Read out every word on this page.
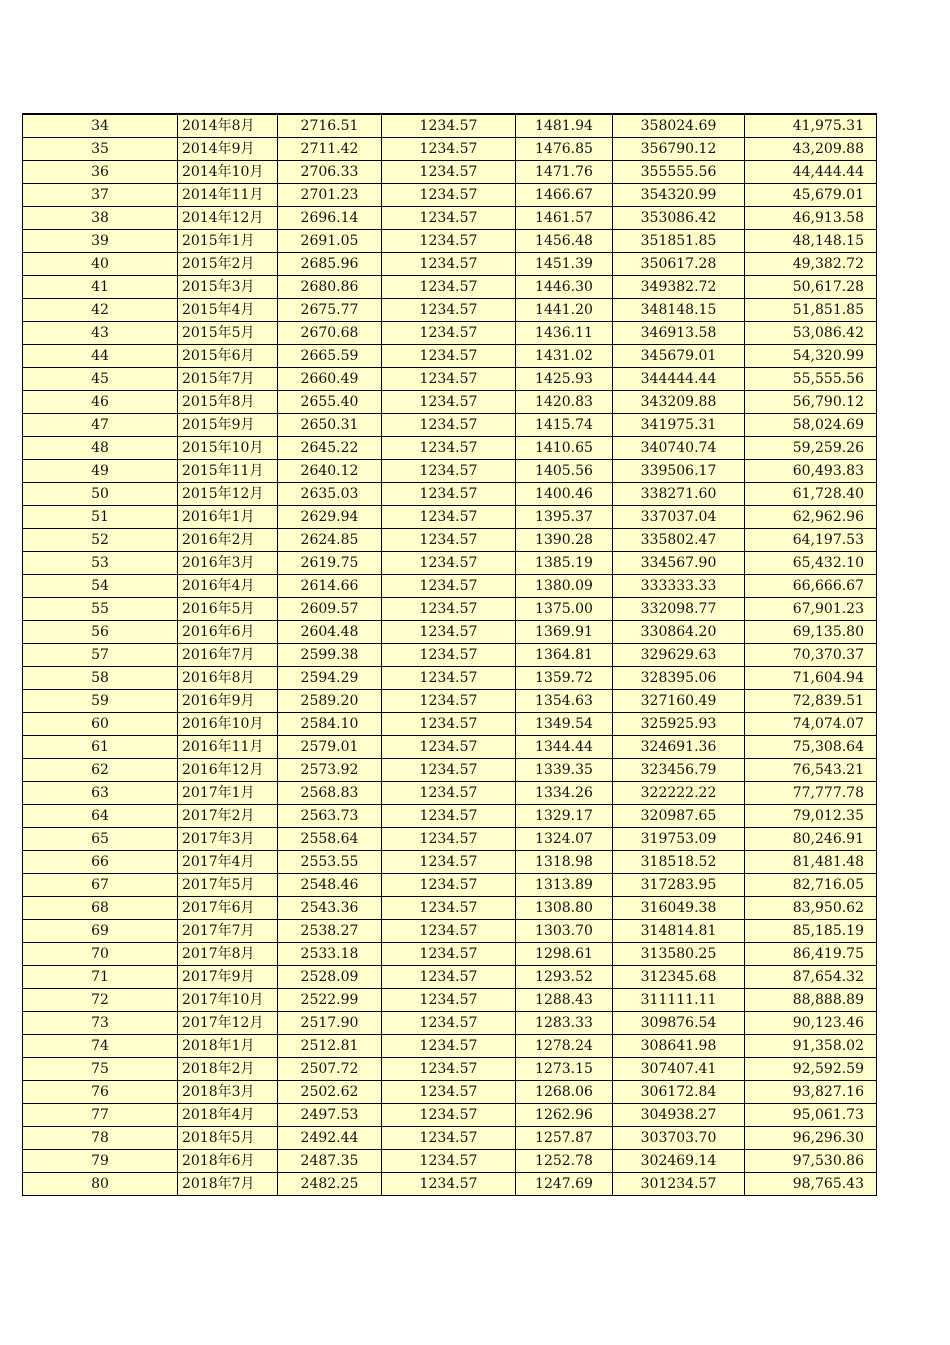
34	2014年8月	2716.51	1234.57	1481.94	358024.69	41,975.31
35	2014年9月	2711.42	1234.57	1476.85	356790.12	43,209.88
36	2014年10月	2706.33	1234.57	1471.76	355555.56	44,444.44
37	2014年11月	2701.23	1234.57	1466.67	354320.99	45,679.01
38	2014年12月	2696.14	1234.57	1461.57	353086.42	46,913.58
39	2015年1月	2691.05	1234.57	1456.48	351851.85	48,148.15
40	2015年2月	2685.96	1234.57	1451.39	350617.28	49,382.72
41	2015年3月	2680.86	1234.57	1446.30	349382.72	50,617.28
42	2015年4月	2675.77	1234.57	1441.20	348148.15	51,851.85
43	2015年5月	2670.68	1234.57	1436.11	346913.58	53,086.42
44	2015年6月	2665.59	1234.57	1431.02	345679.01	54,320.99
45	2015年7月	2660.49	1234.57	1425.93	344444.44	55,555.56
46	2015年8月	2655.40	1234.57	1420.83	343209.88	56,790.12
47	2015年9月	2650.31	1234.57	1415.74	341975.31	58,024.69
48	2015年10月	2645.22	1234.57	1410.65	340740.74	59,259.26
49	2015年11月	2640.12	1234.57	1405.56	339506.17	60,493.83
50	2015年12月	2635.03	1234.57	1400.46	338271.60	61,728.40
51	2016年1月	2629.94	1234.57	1395.37	337037.04	62,962.96
52	2016年2月	2624.85	1234.57	1390.28	335802.47	64,197.53
53	2016年3月	2619.75	1234.57	1385.19	334567.90	65,432.10
54	2016年4月	2614.66	1234.57	1380.09	333333.33	66,666.67
55	2016年5月	2609.57	1234.57	1375.00	332098.77	67,901.23
56	2016年6月	2604.48	1234.57	1369.91	330864.20	69,135.80
57	2016年7月	2599.38	1234.57	1364.81	329629.63	70,370.37
58	2016年8月	2594.29	1234.57	1359.72	328395.06	71,604.94
59	2016年9月	2589.20	1234.57	1354.63	327160.49	72,839.51
60	2016年10月	2584.10	1234.57	1349.54	325925.93	74,074.07
61	2016年11月	2579.01	1234.57	1344.44	324691.36	75,308.64
62	2016年12月	2573.92	1234.57	1339.35	323456.79	76,543.21
63	2017年1月	2568.83	1234.57	1334.26	322222.22	77,777.78
64	2017年2月	2563.73	1234.57	1329.17	320987.65	79,012.35
65	2017年3月	2558.64	1234.57	1324.07	319753.09	80,246.91
66	2017年4月	2553.55	1234.57	1318.98	318518.52	81,481.48
67	2017年5月	2548.46	1234.57	1313.89	317283.95	82,716.05
68	2017年6月	2543.36	1234.57	1308.80	316049.38	83,950.62
69	2017年7月	2538.27	1234.57	1303.70	314814.81	85,185.19
70	2017年8月	2533.18	1234.57	1298.61	313580.25	86,419.75
71	2017年9月	2528.09	1234.57	1293.52	312345.68	87,654.32
72	2017年10月	2522.99	1234.57	1288.43	311111.11	88,888.89
73	2017年12月	2517.90	1234.57	1283.33	309876.54	90,123.46
74	2018年1月	2512.81	1234.57	1278.24	308641.98	91,358.02
75	2018年2月	2507.72	1234.57	1273.15	307407.41	92,592.59
76	2018年3月	2502.62	1234.57	1268.06	306172.84	93,827.16
77	2018年4月	2497.53	1234.57	1262.96	304938.27	95,061.73
78	2018年5月	2492.44	1234.57	1257.87	303703.70	96,296.30
79	2018年6月	2487.35	1234.57	1252.78	302469.14	97,530.86
80	2018年7月	2482.25	1234.57	1247.69	301234.57	98,765.43
